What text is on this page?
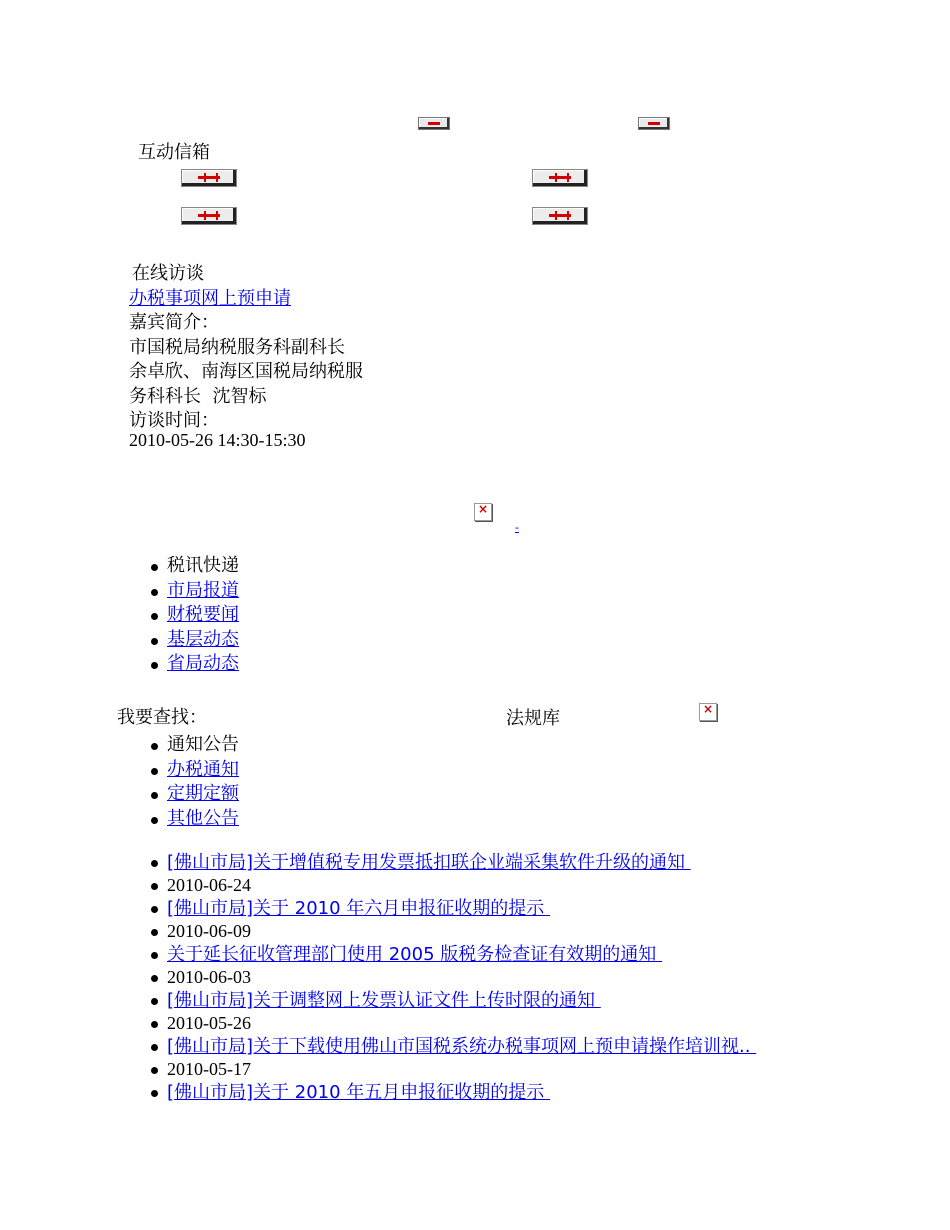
互动信箱
在线访谈
办税事项网上预申请
嘉宾简介：
市国税局纳税服务科副科长
余卓欣、南海区国税局纳税服
务科科长  沈智标
访谈时间：
2010-05-26 14:30-15:30
×
-
税讯快递
市局报道
财税要闻
基层动态
省局动态
我要查找：	法规库	×
通知公告
办税通知
定期定额
其他公告
[佛山市局]关于增值税专用发票抵扣联企业端采集软件升级的通知
2010-06-24
[佛山市局]关于 2010 年六月申报征收期的提示
2010-06-09
关于延长征收管理部门使用 2005 版税务检查证有效期的通知
2010-06-03
[佛山市局]关于调整网上发票认证文件上传时限的通知
2010-05-26
[佛山市局]关于下载使用佛山市国税系统办税事项网上预申请操作培训视..
2010-05-17
[佛山市局]关于 2010 年五月申报征收期的提示
